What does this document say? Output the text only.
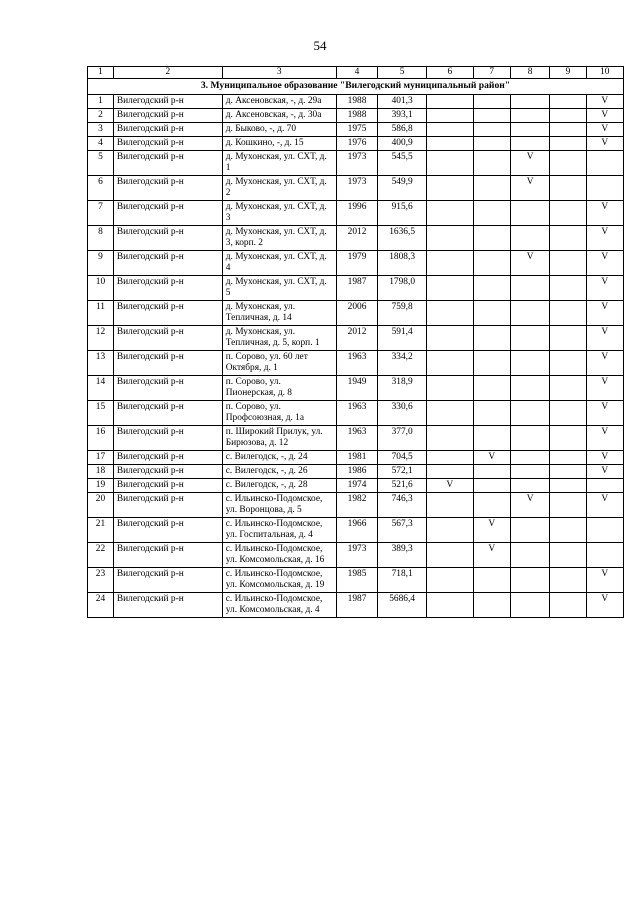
54
1	2	3	4	5	6	7	8	9	10
3. Муниципальное образование "Вилегодский муниципальный район"									
1	Вилегодский р-н	д. Аксеновская, -, д. 29а	1988	401,3					V
2	Вилегодский р-н	д. Аксеновская, -, д. 30а	1988	393,1					V
3	Вилегодский р-н	д. Быково, -, д. 70	1975	586,8					V
4	Вилегодский р-н	д. Кошкино, -, д. 15	1976	400,9					V
5	Вилегодский р-н	д. Мухонская, ул. СХТ, д. 1	1973	545,5			V		
6	Вилегодский р-н	д. Мухонская, ул. СХТ, д. 2	1973	549,9			V		
7	Вилегодский р-н	д. Мухонская, ул. СХТ, д. 3	1996	915,6					V
8	Вилегодский р-н	д. Мухонская, ул. СХТ, д. 3, корп. 2	2012	1636,5					V
9	Вилегодский р-н	д. Мухонская, ул. СХТ, д. 4	1979	1808,3			V		V
10	Вилегодский р-н	д. Мухонская, ул. СХТ, д. 5	1987	1798,0					V
11	Вилегодский р-н	д. Мухонская, ул. Тепличная, д. 14	2006	759,8					V
12	Вилегодский р-н	д. Мухонская, ул. Тепличная, д. 5, корп. 1	2012	591,4					V
13	Вилегодский р-н	п. Сорово, ул. 60 лет Октября, д. 1	1963	334,2					V
14	Вилегодский р-н	п. Сорово, ул. Пионерская, д. 8	1949	318,9					V
15	Вилегодский р-н	п. Сорово, ул. Профсоюзная, д. 1а	1963	330,6					V
16	Вилегодский р-н	п. Широкий Прилук, ул. Бирюзова, д. 12	1963	377,0					V
17	Вилегодский р-н	с. Вилегодск, -, д. 24	1981	704,5		V			V
18	Вилегодский р-н	с. Вилегодск, -, д. 26	1986	572,1					V
19	Вилегодский р-н	с. Вилегодск, -, д. 28	1974	521,6	V				
20	Вилегодский р-н	с. Ильинско-Подомское, ул. Воронцова, д. 5	1982	746,3			V		V
21	Вилегодский р-н	с. Ильинско-Подомское, ул. Госпитальная, д. 4	1966	567,3		V			
22	Вилегодский р-н	с. Ильинско-Подомское, ул. Комсомольская, д. 16	1973	389,3		V			
23	Вилегодский р-н	с. Ильинско-Подомское, ул. Комсомольская, д. 19	1985	718,1					V
24	Вилегодский р-н	с. Ильинско-Подомское, ул. Комсомольская, д. 4	1987	5686,4					V
